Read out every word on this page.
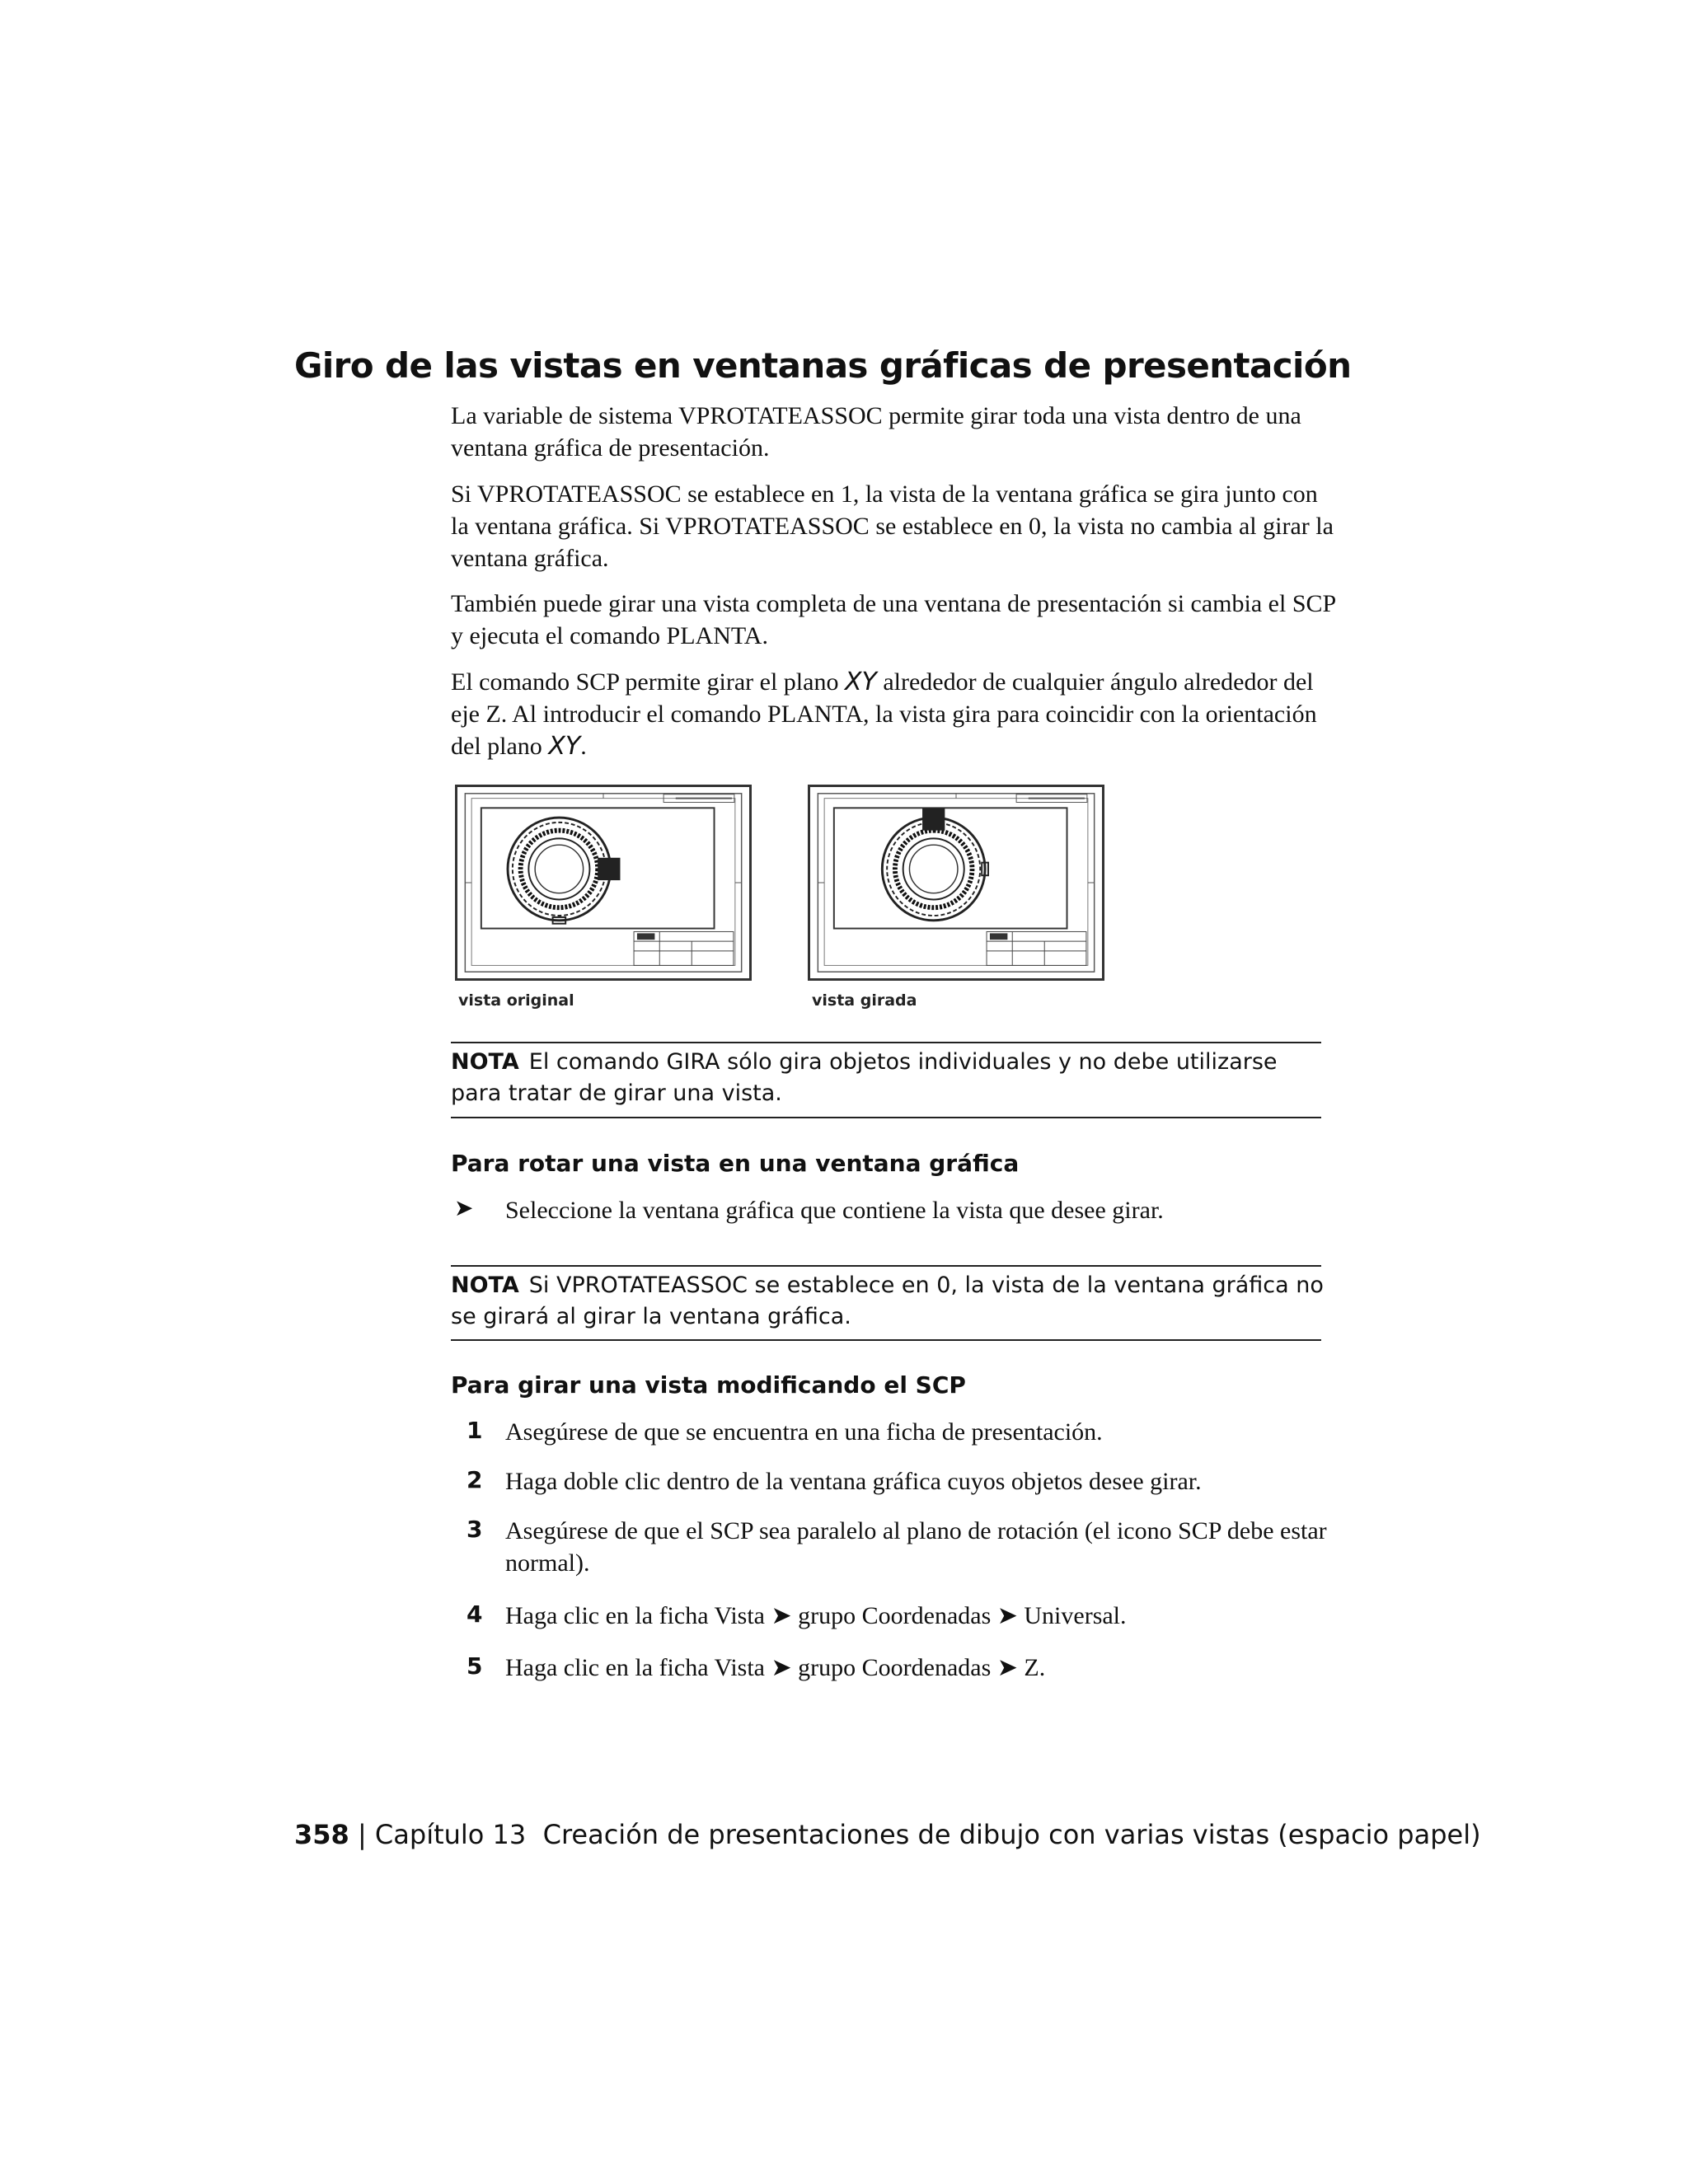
Giro de las vistas en ventanas gráficas de presentación

La variable de sistema VPROTATEASSOC permite girar toda una vista dentro de una ventana gráfica de presentación.

Si VPROTATEASSOC se establece en 1, la vista de la ventana gráfica se gira junto con la ventana gráfica. Si VPROTATEASSOC se establece en 0, la vista no cambia al girar la ventana gráfica.

También puede girar una vista completa de una ventana de presentación si cambia el SCP y ejecuta el comando PLANTA.

El comando SCP permite girar el plano XY alrededor de cualquier ángulo alrededor del eje Z. Al introducir el comando PLANTA, la vista gira para coincidir con la orientación del plano XY.

vista original	vista girada

NOTA El comando GIRA sólo gira objetos individuales y no debe utilizarse para tratar de girar una vista.

Para rotar una vista en una ventana gráfica
➤ Seleccione la ventana gráfica que contiene la vista que desee girar.

NOTA Si VPROTATEASSOC se establece en 0, la vista de la ventana gráfica no se girará al girar la ventana gráfica.

Para girar una vista modificando el SCP
1 Asegúrese de que se encuentra en una ficha de presentación.

2 Haga doble clic dentro de la ventana gráfica cuyos objetos desee girar.

3 Asegúrese de que el SCP sea paralelo al plano de rotación (el icono SCP debe estar normal).

4 Haga clic en la ficha Vista ➤ grupo Coordenadas ➤ Universal.

5 Haga clic en la ficha Vista ➤ grupo Coordenadas ➤ Z.

358 | Capítulo 13 Creación de presentaciones de dibujo con varias vistas (espacio papel)
